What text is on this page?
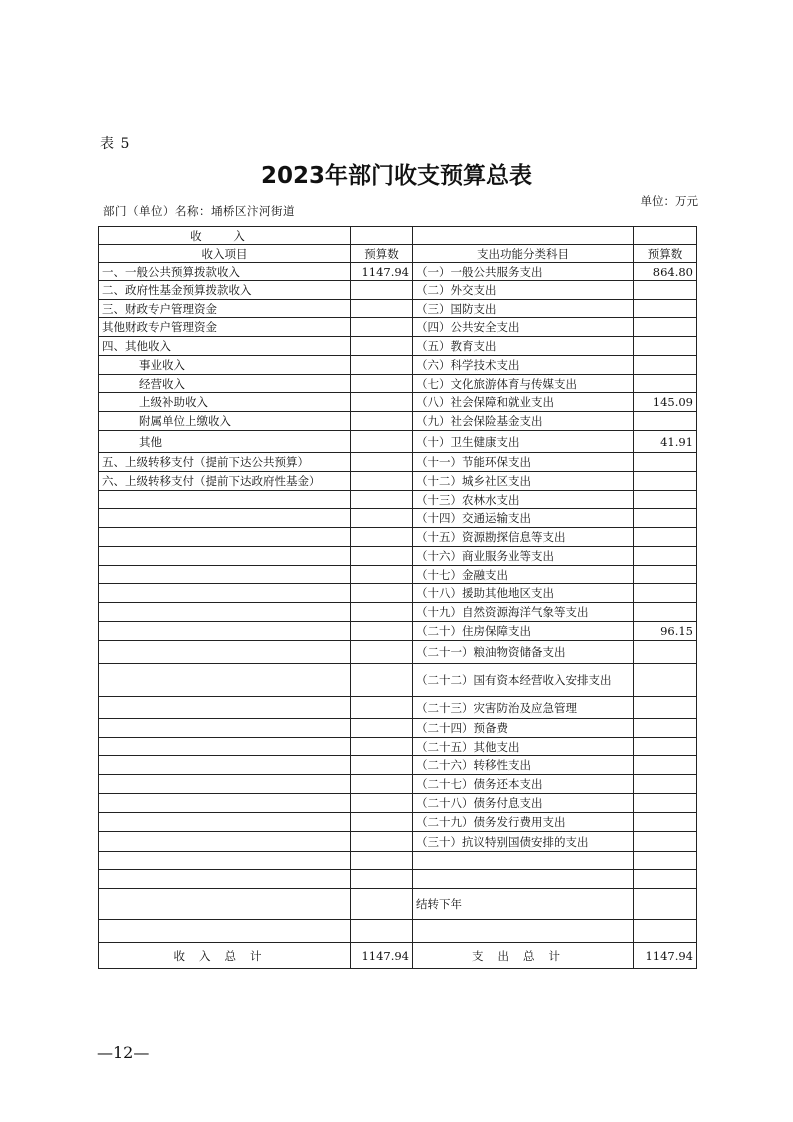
表 5
2023年部门收支预算总表
部门（单位）名称：埇桥区汴河街道
单位：万元
收 入			
收入项目	预算数	支出功能分类科目	预算数
一、一般公共预算拨款收入	1147.94	（一）一般公共服务支出	864.80
二、政府性基金预算拨款收入		（二）外交支出	
三、财政专户管理资金		（三）国防支出	
其他财政专户管理资金		（四）公共安全支出	
四、其他收入		（五）教育支出	
事业收入		（六）科学技术支出	
经营收入		（七）文化旅游体育与传媒支出	
上级补助收入		（八）社会保障和就业支出	145.09
附属单位上缴收入		（九）社会保险基金支出	
其他		（十）卫生健康支出	41.91
五、上级转移支付（提前下达公共预算）		（十一）节能环保支出	
六、上级转移支付（提前下达政府性基金）		（十二）城乡社区支出	
		（十三）农林水支出	
		（十四）交通运输支出	
		（十五）资源勘探信息等支出	
		（十六）商业服务业等支出	
		（十七）金融支出	
		（十八）援助其他地区支出	
		（十九）自然资源海洋气象等支出	
		（二十）住房保障支出	96.15
		（二十一）粮油物资储备支出	
		（二十二）国有资本经营收入安排支出	
		（二十三）灾害防治及应急管理	
		（二十四）预备费	
		（二十五）其他支出	
		（二十六）转移性支出	
		（二十七）债务还本支出	
		（二十八）债务付息支出	
		（二十九）债务发行费用支出	
		（三十）抗议特别国债安排的支出	

		结转下年	

收入总计	1147.94	支出总计	1147.94
—12—
